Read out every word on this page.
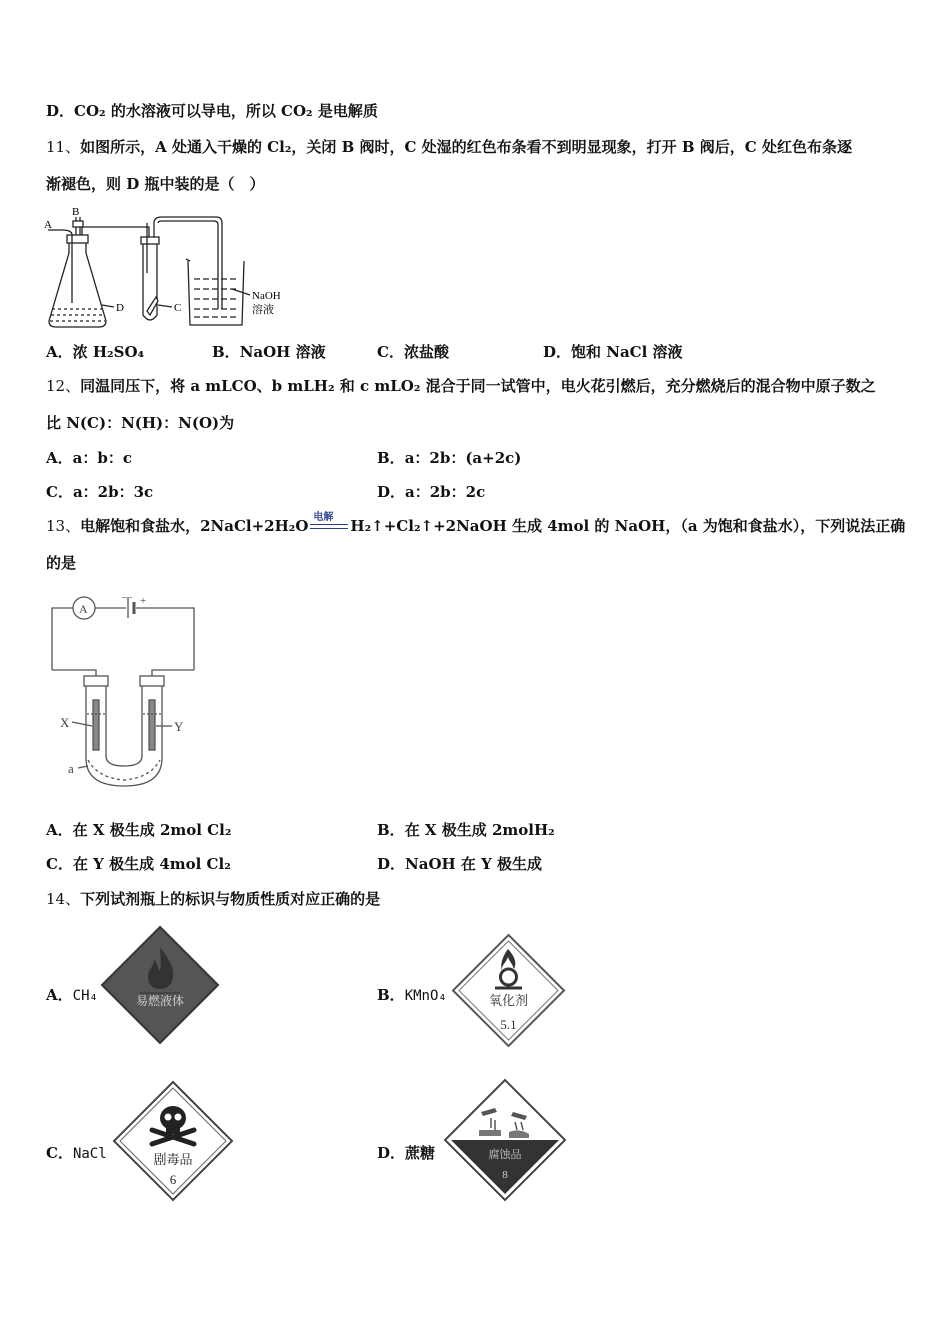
D．CO₂ 的水溶液可以导电，所以 CO₂ 是电解质
11、如图所示，A 处通入干燥的 Cl₂，关闭 B 阀时，C 处湿的红色布条看不到明显现象，打开 B 阀后，C 处红色布条逐
渐褪色，则 D 瓶中装的是（　）
A
B
D	C
NaOH
溶液
A．浓 H₂SO₄	B．NaOH 溶液	C．浓盐酸	D．饱和 NaCl 溶液
12、同温同压下，将 a mLCO、b mLH₂ 和 c mLO₂ 混合于同一试管中，电火花引燃后，充分燃烧后的混合物中原子数之
比 N(C)：N(H)：N(O)为
A．a：b：c	B．a：2b：(a+2c)
C．a：2b：3c	D．a：2b：2c
13、电解饱和食盐水，2NaCl+2H₂O 电解 H₂↑+Cl₂↑+2NaOH 生成 4mol 的 NaOH，（a 为饱和食盐水），下列说法正确
的是
A
— +
X	Y
a
A．在 X 极生成 2mol Cl₂	B．在 X 极生成 2molH₂
C．在 Y 极生成 4mol Cl₂	D．NaOH 在 Y 极生成
14、下列试剂瓶上的标识与物质性质对应正确的是
A．CH₄	易燃液体	B．KMnO₄	氧化剂
5.1
C．NaCl	剧毒品
6
D．蔗糖	腐蚀品
8
